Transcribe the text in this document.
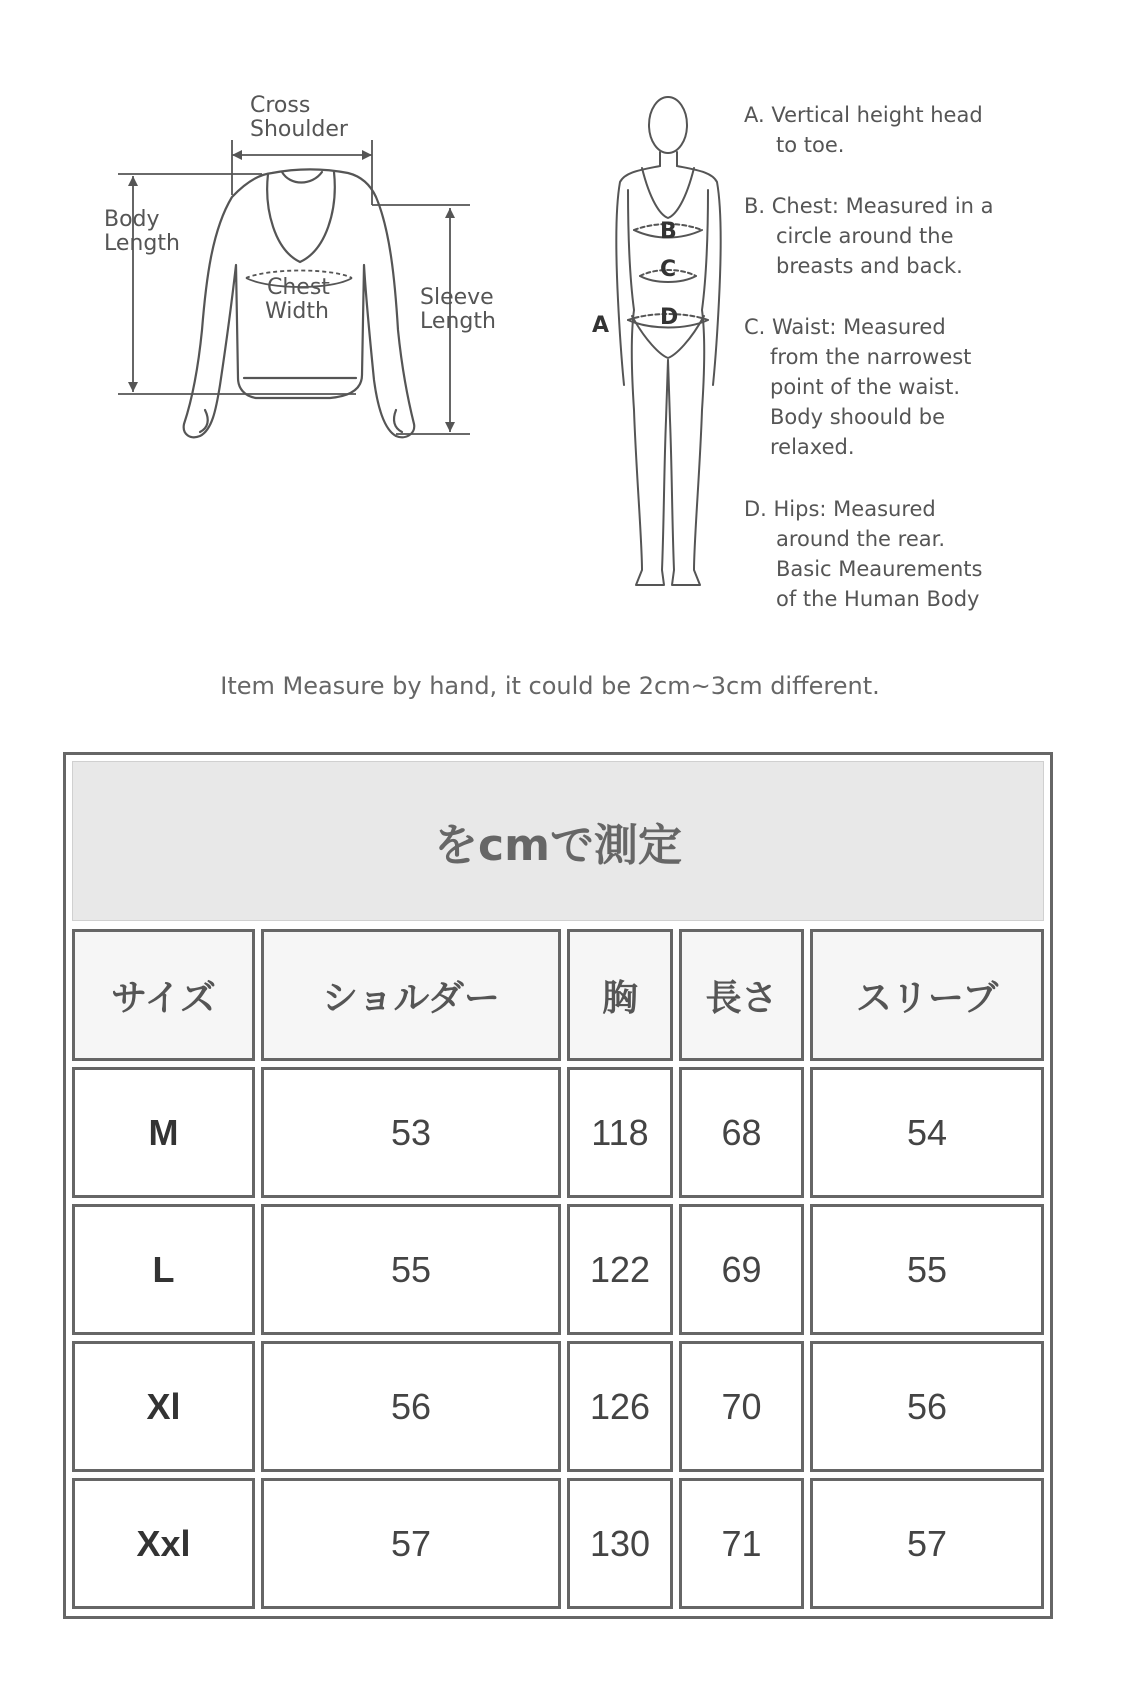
Cross
Shoulder
Body
Length
Chest
Width
Sleeve
Length
B
C
D
A
A. Vertical height head
to toe.
B. Chest: Measured in a
circle around the
breasts and back.
C. Waist: Measured
from the narrowest
point of the waist.
Body shoould be
relaxed.
D. Hips: Measured
around the rear.
Basic Meaurements
of the Human Body
Item Measure by hand, it could be 2cm~3cm different.
をcmで測定
サイズ	ショルダー	胸	長さ	スリーブ
M	53	118	68	54
L	55	122	69	55
Xl	56	126	70	56
Xxl	57	130	71	57
